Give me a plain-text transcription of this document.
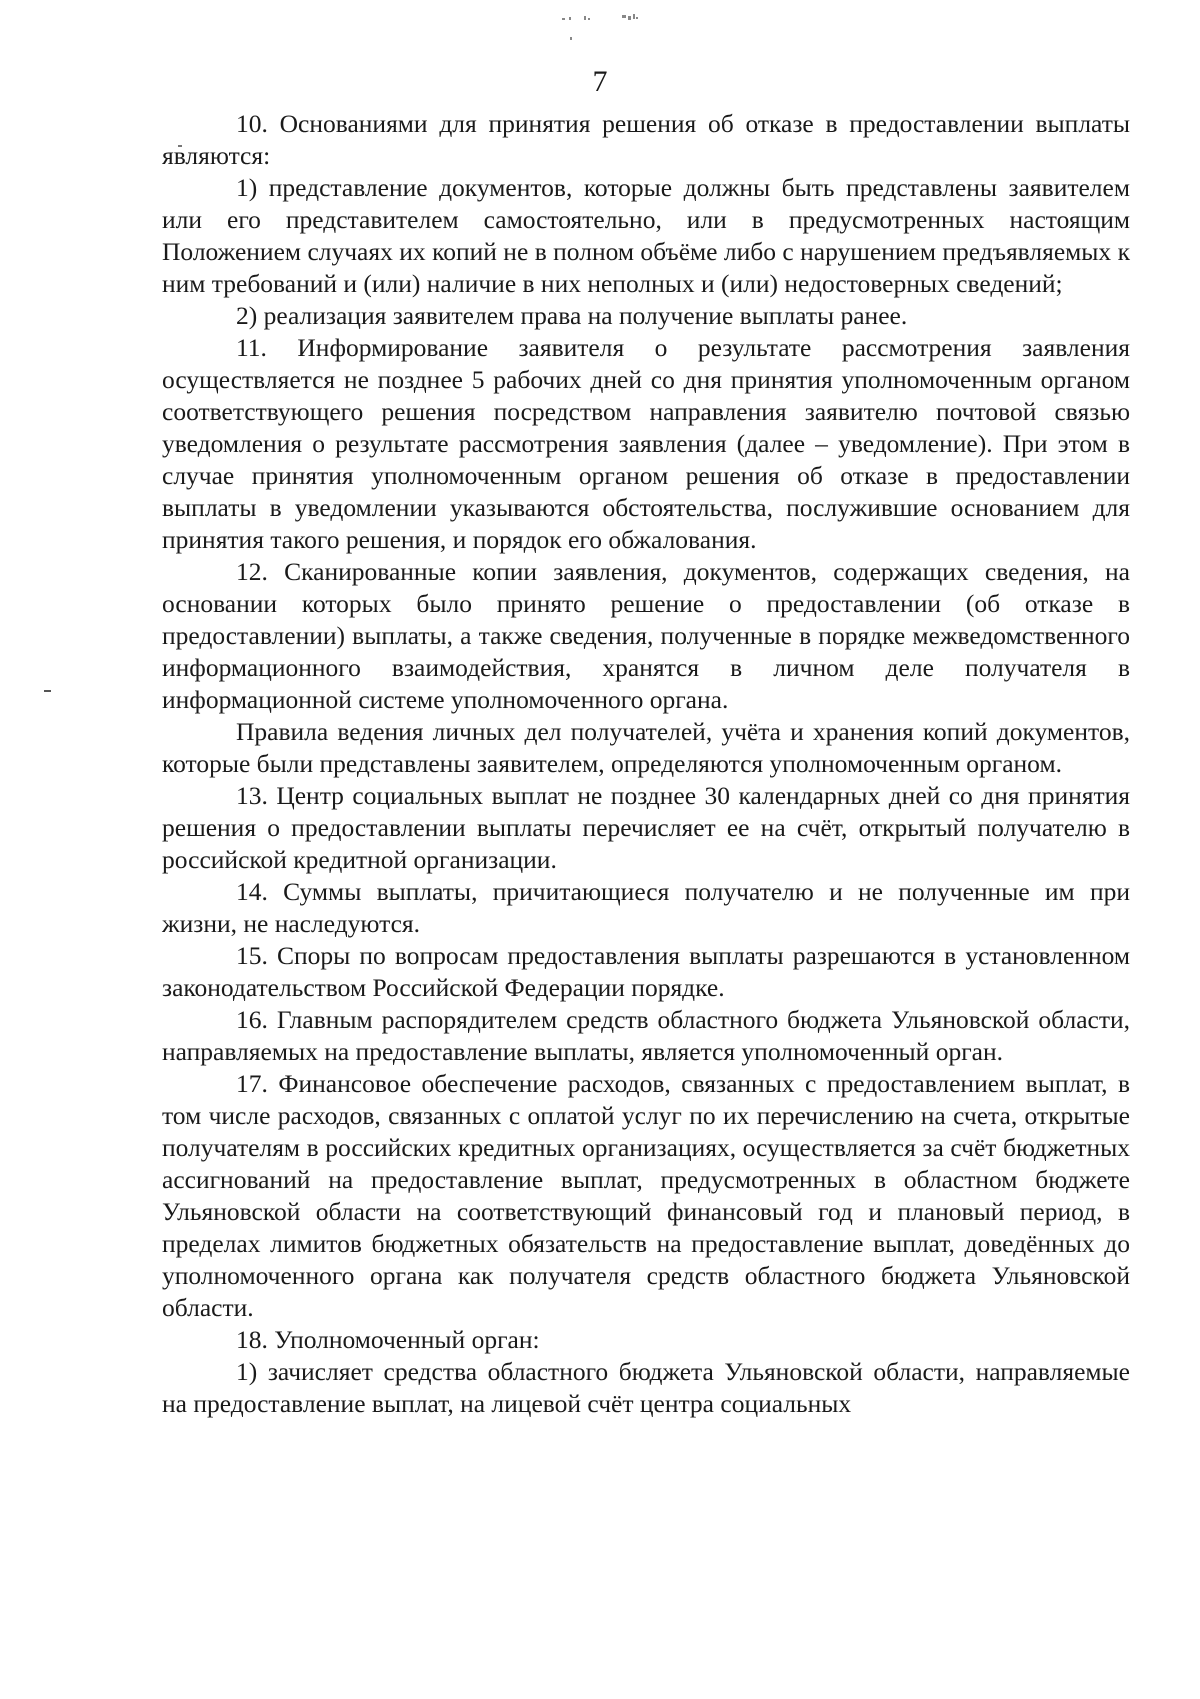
7

10. Основаниями для принятия решения об отказе в предоставлении выплаты являются:

1) представление документов, которые должны быть представлены заявителем или его представителем самостоятельно, или в предусмотренных настоящим Положением случаях их копий не в полном объёме либо с нарушением предъявляемых к ним требований и (или) наличие в них неполных и (или) недостоверных сведений;

2) реализация заявителем права на получение выплаты ранее.

11. Информирование заявителя о результате рассмотрения заявления осуществляется не позднее 5 рабочих дней со дня принятия уполномоченным органом соответствующего решения посредством направления заявителю почтовой связью уведомления о результате рассмотрения заявления (далее – уведомление). При этом в случае принятия уполномоченным органом решения об отказе в предоставлении выплаты в уведомлении указываются обстоятельства, послужившие основанием для принятия такого решения, и порядок его обжалования.

12. Сканированные копии заявления, документов, содержащих сведения, на основании которых было принято решение о предоставлении (об отказе в предоставлении) выплаты, а также сведения, полученные в порядке межведомственного информационного взаимодействия, хранятся в личном деле получателя в информационной системе уполномоченного органа.

Правила ведения личных дел получателей, учёта и хранения копий документов, которые были представлены заявителем, определяются уполномоченным органом.

13. Центр социальных выплат не позднее 30 календарных дней со дня принятия решения о предоставлении выплаты перечисляет ее на счёт, открытый получателю в российской кредитной организации.

14. Суммы выплаты, причитающиеся получателю и не полученные им при жизни, не наследуются.

15. Споры по вопросам предоставления выплаты разрешаются в установленном законодательством Российской Федерации порядке.

16. Главным распорядителем средств областного бюджета Ульяновской области, направляемых на предоставление выплаты, является уполномоченный орган.

17. Финансовое обеспечение расходов, связанных с предоставлением выплат, в том числе расходов, связанных с оплатой услуг по их перечислению на счета, открытые получателям в российских кредитных организациях, осуществляется за счёт бюджетных ассигнований на предоставление выплат, предусмотренных в областном бюджете Ульяновской области на соответствующий финансовый год и плановый период, в пределах лимитов бюджетных обязательств на предоставление выплат, доведённых до уполномоченного органа как получателя средств областного бюджета Ульяновской области.

18. Уполномоченный орган:

1) зачисляет средства областного бюджета Ульяновской области, направляемые на предоставление выплат, на лицевой счёт центра социальных
